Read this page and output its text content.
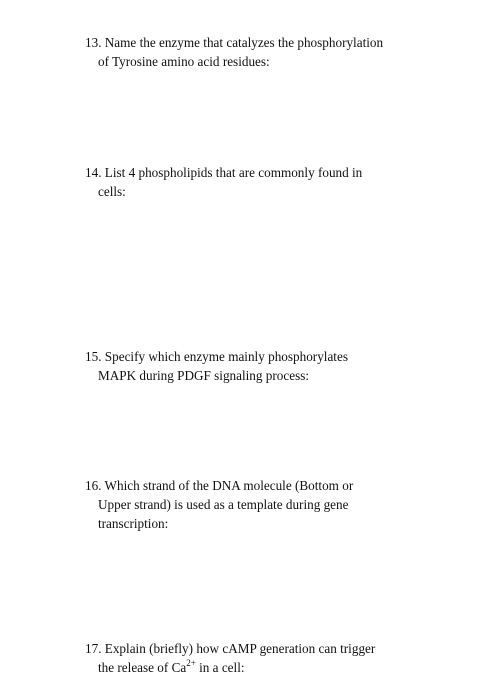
13. Name the enzyme that catalyzes the phosphorylation
of Tyrosine amino acid residues:
14. List 4 phospholipids that are commonly found in
cells:
15. Specify which enzyme mainly phosphorylates
MAPK during PDGF signaling process:
16. Which strand of the DNA molecule (Bottom or
Upper strand) is used as a template during gene
transcription:
17. Explain (briefly) how cAMP generation can trigger
the release of $Ca^{2+}$ in a cell:
